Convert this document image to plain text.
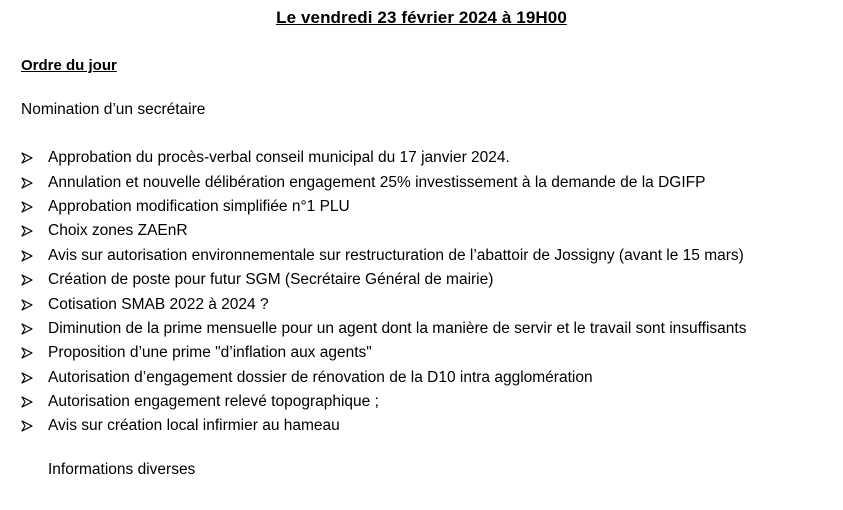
Le vendredi 23 février 2024 à 19H00
Ordre du jour
Nomination d’un secrétaire
Approbation du procès-verbal conseil municipal du 17 janvier 2024.
Annulation et nouvelle délibération engagement 25% investissement à la demande de la DGIFP
Approbation modification simplifiée n°1 PLU
Choix zones ZAEnR
Avis sur autorisation environnementale sur restructuration de l’abattoir de Jossigny (avant le 15 mars)
Création de poste pour futur SGM (Secrétaire Général de mairie)
Cotisation SMAB 2022 à 2024 ?
Diminution de la prime mensuelle pour un agent dont la manière de servir et le travail sont insuffisants
Proposition d’une prime "d’inflation aux agents"
Autorisation d’engagement dossier de rénovation de la D10 intra agglomération
Autorisation engagement relevé topographique ;
Avis sur création local infirmier au hameau
Informations diverses
